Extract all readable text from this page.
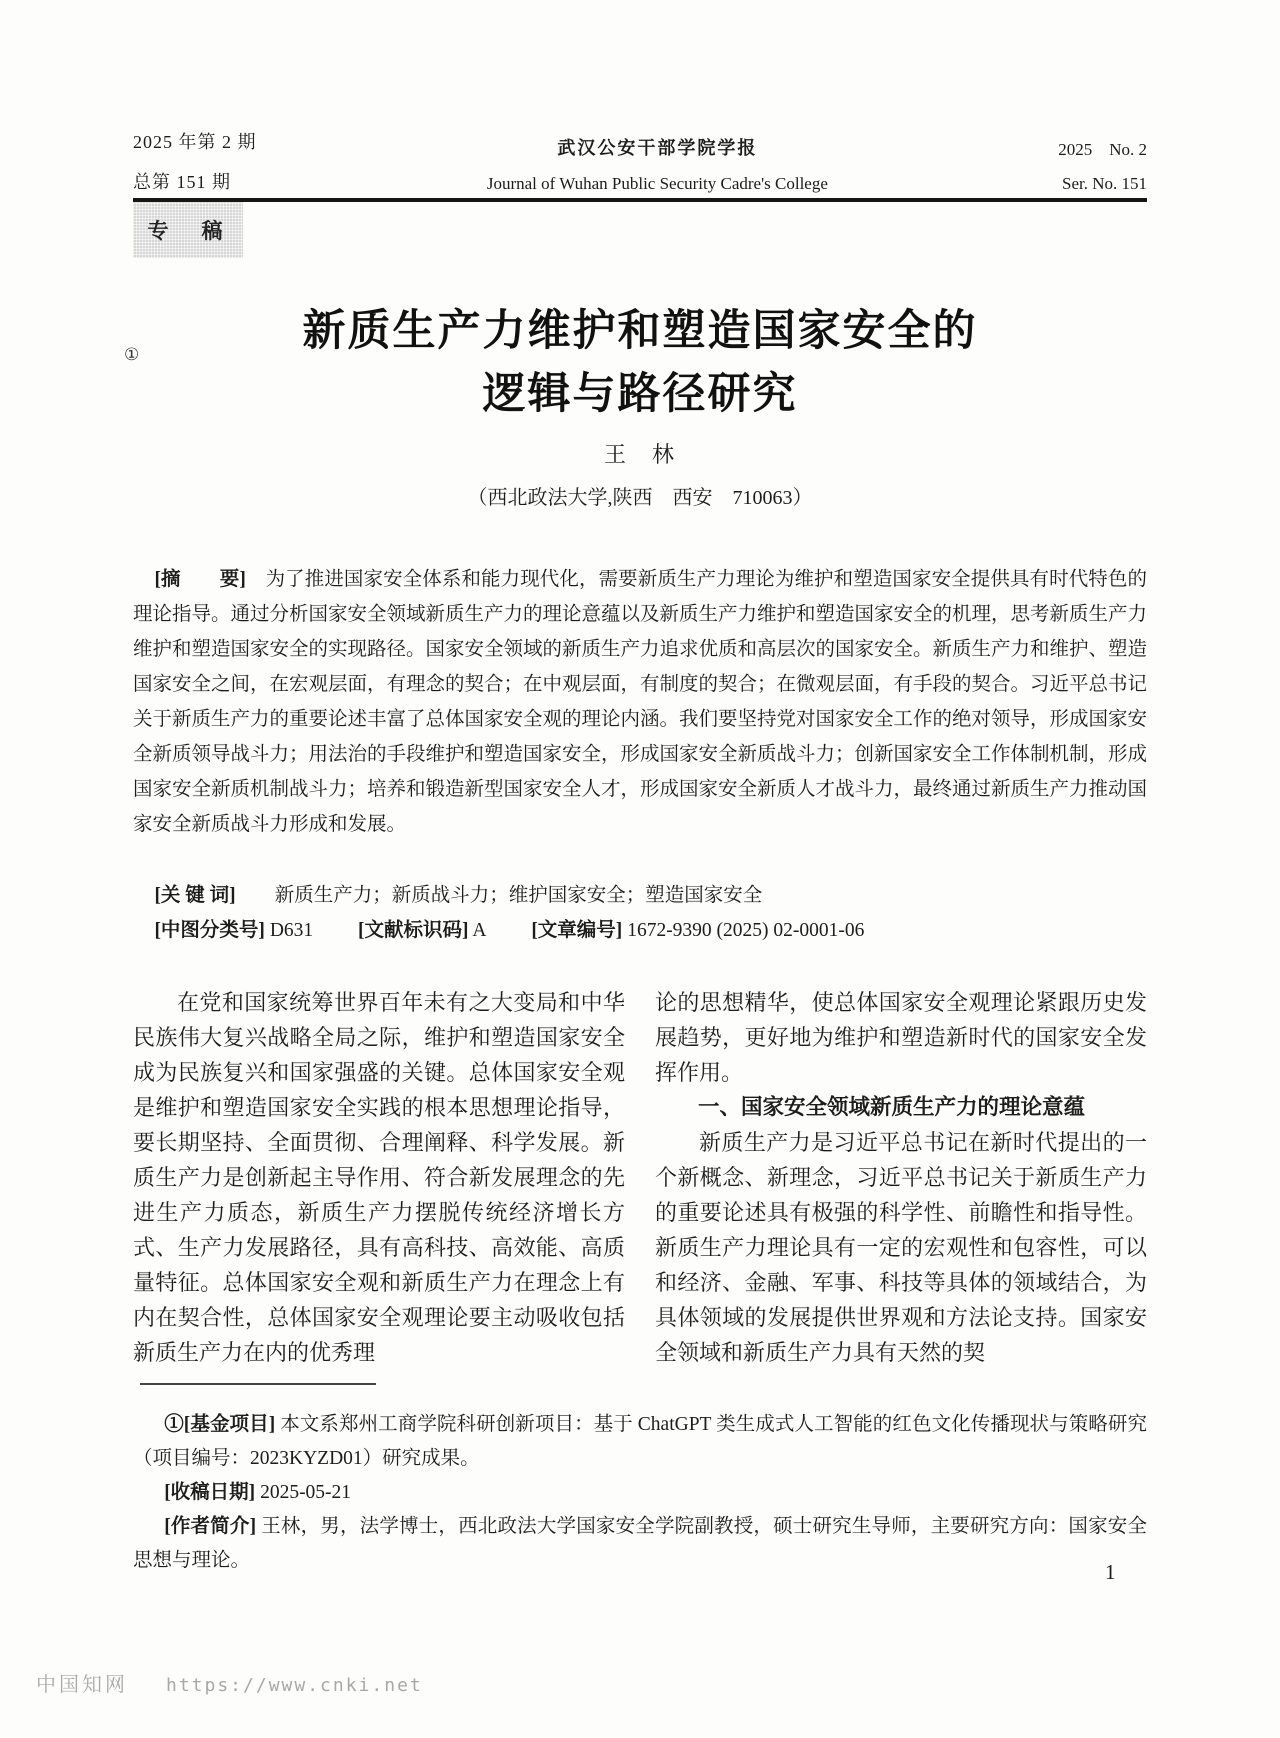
2025 年第 2 期
总第 151 期
武汉公安干部学院学报
Journal of Wuhan Public Security Cadre's College
2025　No. 2
Ser. No. 151
专　稿
①	新质生产力维护和塑造国家安全的
逻辑与路径研究
王　林
（西北政法大学,陕西　西安　710063）

[摘　　要]　 为了推进国家安全体系和能力现代化，需要新质生产力理论为维护和塑造国家安全提供具有时代特色的理论指导。通过分析国家安全领域新质生产力的理论意蕴以及新质生产力维护和塑造国家安全的机理，思考新质生产力维护和塑造国家安全的实现路径。国家安全领域的新质生产力追求优质和高层次的国家安全。新质生产力和维护、塑造国家安全之间，在宏观层面，有理念的契合；在中观层面，有制度的契合；在微观层面，有手段的契合。习近平总书记关于新质生产力的重要论述丰富了总体国家安全观的理论内涵。我们要坚持党对国家安全工作的绝对领导，形成国家安全新质领导战斗力；用法治的手段维护和塑造国家安全，形成国家安全新质战斗力；创新国家安全工作体制机制，形成国家安全新质机制战斗力；培养和锻造新型国家安全人才，形成国家安全新质人才战斗力，最终通过新质生产力推动国家安全新质战斗力形成和发展。

[关 键 词]　　 新质生产力；新质战斗力；维护国家安全；塑造国家安全
[中图分类号] D631 [文献标识码] A [文章编号] 1672-9390 (2025) 02-0001-06

在党和国家统筹世界百年未有之大变局和中华民族伟大复兴战略全局之际，维护和塑造国家安全成为民族复兴和国家强盛的关键。总体国家安全观是维护和塑造国家安全实践的根本思想理论指导，要长期坚持、全面贯彻、合理阐释、科学发展。新质生产力是创新起主导作用、符合新发展理念的先进生产力质态，新质生产力摆脱传统经济增长方式、生产力发展路径，具有高科技、高效能、高质量特征。总体国家安全观和新质生产力在理念上有内在契合性，总体国家安全观理论要主动吸收包括新质生产力在内的优秀理

论的思想精华，使总体国家安全观理论紧跟历史发展趋势，更好地为维护和塑造新时代的国家安全发挥作用。

一、国家安全领域新质生产力的理论意蕴

新质生产力是习近平总书记在新时代提出的一个新概念、新理念，习近平总书记关于新质生产力的重要论述具有极强的科学性、前瞻性和指导性。新质生产力理论具有一定的宏观性和包容性，可以和经济、金融、军事、科技等具体的领域结合，为具体领域的发展提供世界观和方法论支持。国家安全领域和新质生产力具有天然的契

①[基金项目] 本文系郑州工商学院科研创新项目：基于 ChatGPT 类生成式人工智能的红色文化传播现状与策略研究（项目编号：2023KYZD01）研究成果。

[收稿日期] 2025-05-21

[作者简介] 王林，男，法学博士，西北政法大学国家安全学院副教授，硕士研究生导师，主要研究方向：国家安全思想与理论。	1
中国知网 https://www.cnki.net
